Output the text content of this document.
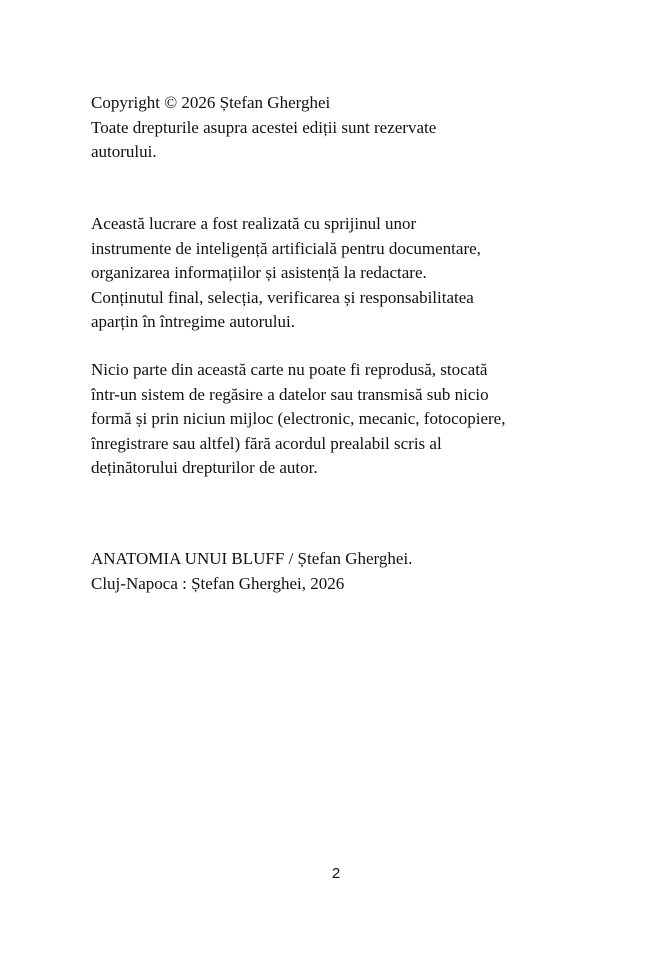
Copyright © 2026 Ștefan Gherghei
Toate drepturile asupra acestei ediții sunt rezervate
autorului.

Această lucrare a fost realizată cu sprijinul unor
instrumente de inteligență artificială pentru documentare,
organizarea informațiilor și asistență la redactare.
Conținutul final, selecția, verificarea și responsabilitatea
aparțin în întregime autorului.

Nicio parte din această carte nu poate fi reprodusă, stocată
într-un sistem de regăsire a datelor sau transmisă sub nicio
formă și prin niciun mijloc (electronic, mecanic, fotocopiere,
înregistrare sau altfel) fără acordul prealabil scris al
deținătorului drepturilor de autor.

ANATOMIA UNUI BLUFF / Ștefan Gherghei.
Cluj-Napoca : Ștefan Gherghei, 2026

2
